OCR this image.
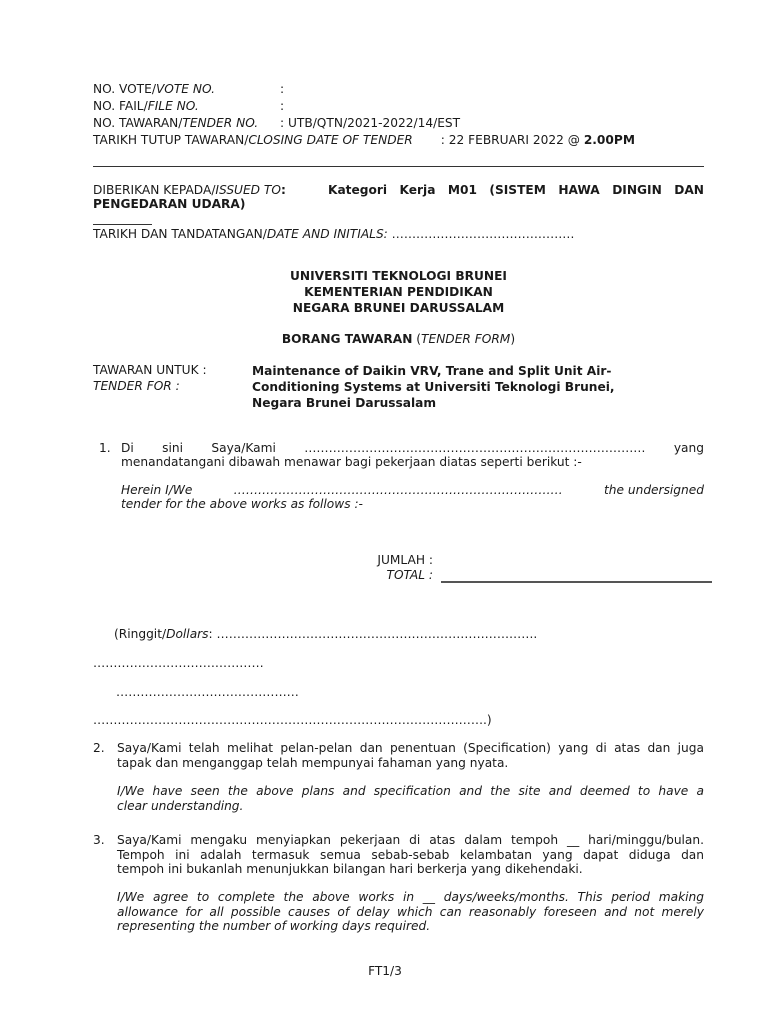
NO. VOTE/VOTE NO.	:
NO. FAIL/FILE NO.	:
NO. TAWARAN/TENDER NO. : UTB/QTN/2021-2022/14/EST
TARIKH TUTUP TAWARAN/CLOSING DATE OF TENDER : 22 FEBRUARI 2022 @ 2.00PM
DIBERIKAN KEPADA/ISSUED TO:	Kategori Kerja M01 (SISTEM HAWA DINGIN DAN
PENGEDARAN UDARA)
TARIKH DAN TANDATANGAN/DATE AND INITIALS: ………………………………………
UNIVERSITI TEKNOLOGI BRUNEI
KEMENTERIAN PENDIDIKAN
NEGARA BRUNEI DARUSSALAM
BORANG TAWARAN (TENDER FORM)
TAWARAN UNTUK :
TENDER FOR :
Maintenance of Daikin VRV, Trane and Split Unit Air-
Conditioning Systems at Universiti Teknologi Brunei,
Negara Brunei Darussalam
1. Di sini Saya/Kami ………………………………………………………………………… yang
menandatangani dibawah menawar bagi pekerjaan diatas seperti berikut :-
Herein I/We	………………………………………………………………………	the undersigned
tender for the above works as follows :-
JUMLAH :
TOTAL :
(Ringgit/Dollars: …………………………………………………………………….
……………………………………
………………………………………
…………………………………………………………………………………….)
2. Saya/Kami telah melihat pelan-pelan dan penentuan (Specification) yang di atas dan juga
tapak dan menganggap telah mempunyai fahaman yang nyata.
I/We have seen the above plans and specification and the site and deemed to have a
clear understanding.
3. Saya/Kami mengaku menyiapkan pekerjaan di atas dalam tempoh __ hari/minggu/bulan.
Tempoh ini adalah termasuk semua sebab-sebab kelambatan yang dapat diduga dan
tempoh ini bukanlah menunjukkan bilangan hari berkerja yang dikehendaki.
I/We agree to complete the above works in __ days/weeks/months. This period making
allowance for all possible causes of delay which can reasonably foreseen and not merely
representing the number of working days required.
FT1/3
